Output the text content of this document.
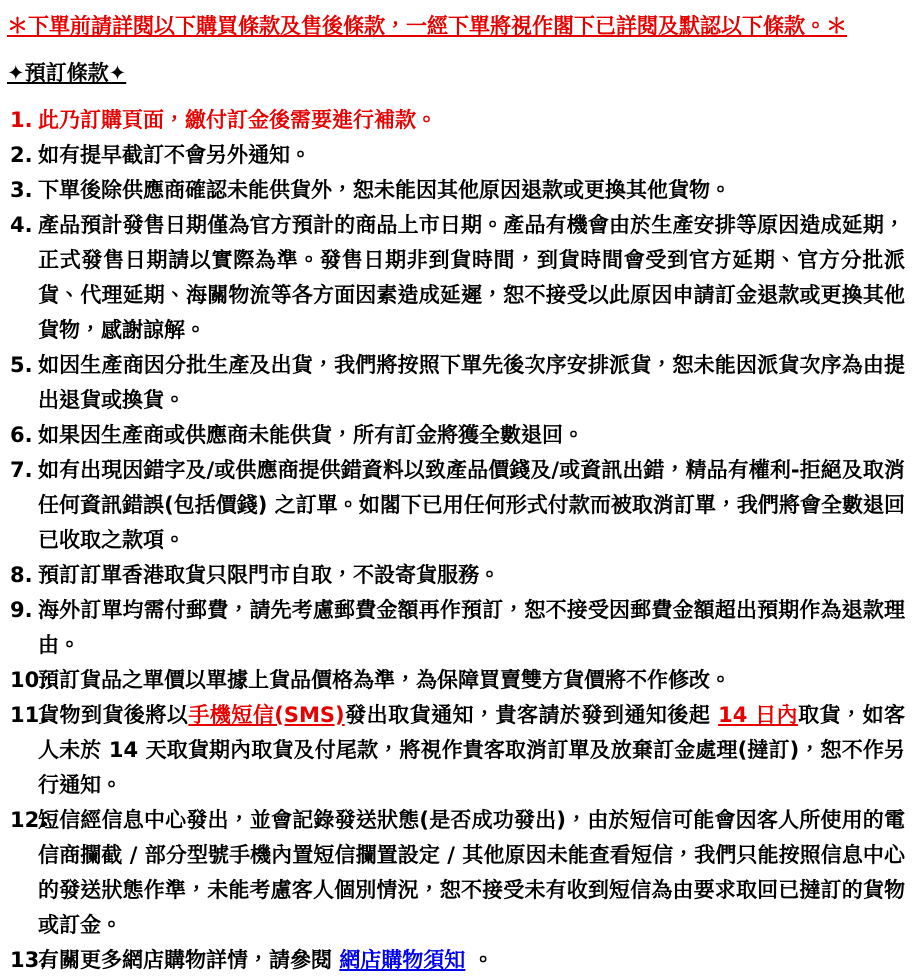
＊下單前請詳閱以下購買條款及售後條款，一經下單將視作閣下已詳閱及默認以下條款。＊

✦預訂條款✦
1. 此乃訂購頁面，繳付訂金後需要進行補款。
2. 如有提早截訂不會另外通知。
3. 下單後除供應商確認未能供貨外，恕未能因其他原因退款或更換其他貨物。
4. 產品預計發售日期僅為官方預計的商品上市日期。產品有機會由於生產安排等原因造成延期，正式發售日期請以實際為準。發售日期非到貨時間，到貨時間會受到官方延期、官方分批派貨、代理延期、海關物流等各方面因素造成延遲，恕不接受以此原因申請訂金退款或更換其他貨物，感謝諒解。
5. 如因生產商因分批生產及出貨，我們將按照下單先後次序安排派貨，恕未能因派貨次序為由提出退貨或換貨。
6. 如果因生產商或供應商未能供貨，所有訂金將獲全數退回。
7. 如有出現因錯字及/或供應商提供錯資料以致產品價錢及/或資訊出錯，精品有權利-拒絕及取消任何資訊錯誤(包括價錢) 之訂單。如閣下已用任何形式付款而被取消訂單，我們將會全數退回已收取之款項。
8. 預訂訂單香港取貨只限門市自取，不設寄貨服務。
9. 海外訂單均需付郵費，請先考慮郵費金額再作預訂，恕不接受因郵費金額超出預期作為退款理由。
10.
預訂貨品之單價以單據上貨品價格為準，為保障買賣雙方貨價將不作修改。
11.
貨物到貨後將以手機短信(SMS)發出取貨通知，貴客請於發到通知後起 14 日內取貨，如客人未於 14 天取貨期內取貨及付尾款，將視作貴客取消訂單及放棄訂金處理(撻訂)，恕不作另行通知。
12.
短信經信息中心發出，並會記錄發送狀態(是否成功發出)，由於短信可能會因客人所使用的電信商攔截 / 部分型號手機內置短信攔置設定 / 其他原因未能查看短信，我們只能按照信息中心的發送狀態作準，未能考慮客人個別情況，恕不接受未有收到短信為由要求取回已撻訂的貨物或訂金。
13.
有關更多網店購物詳情，請參閱 網店購物須知 。
